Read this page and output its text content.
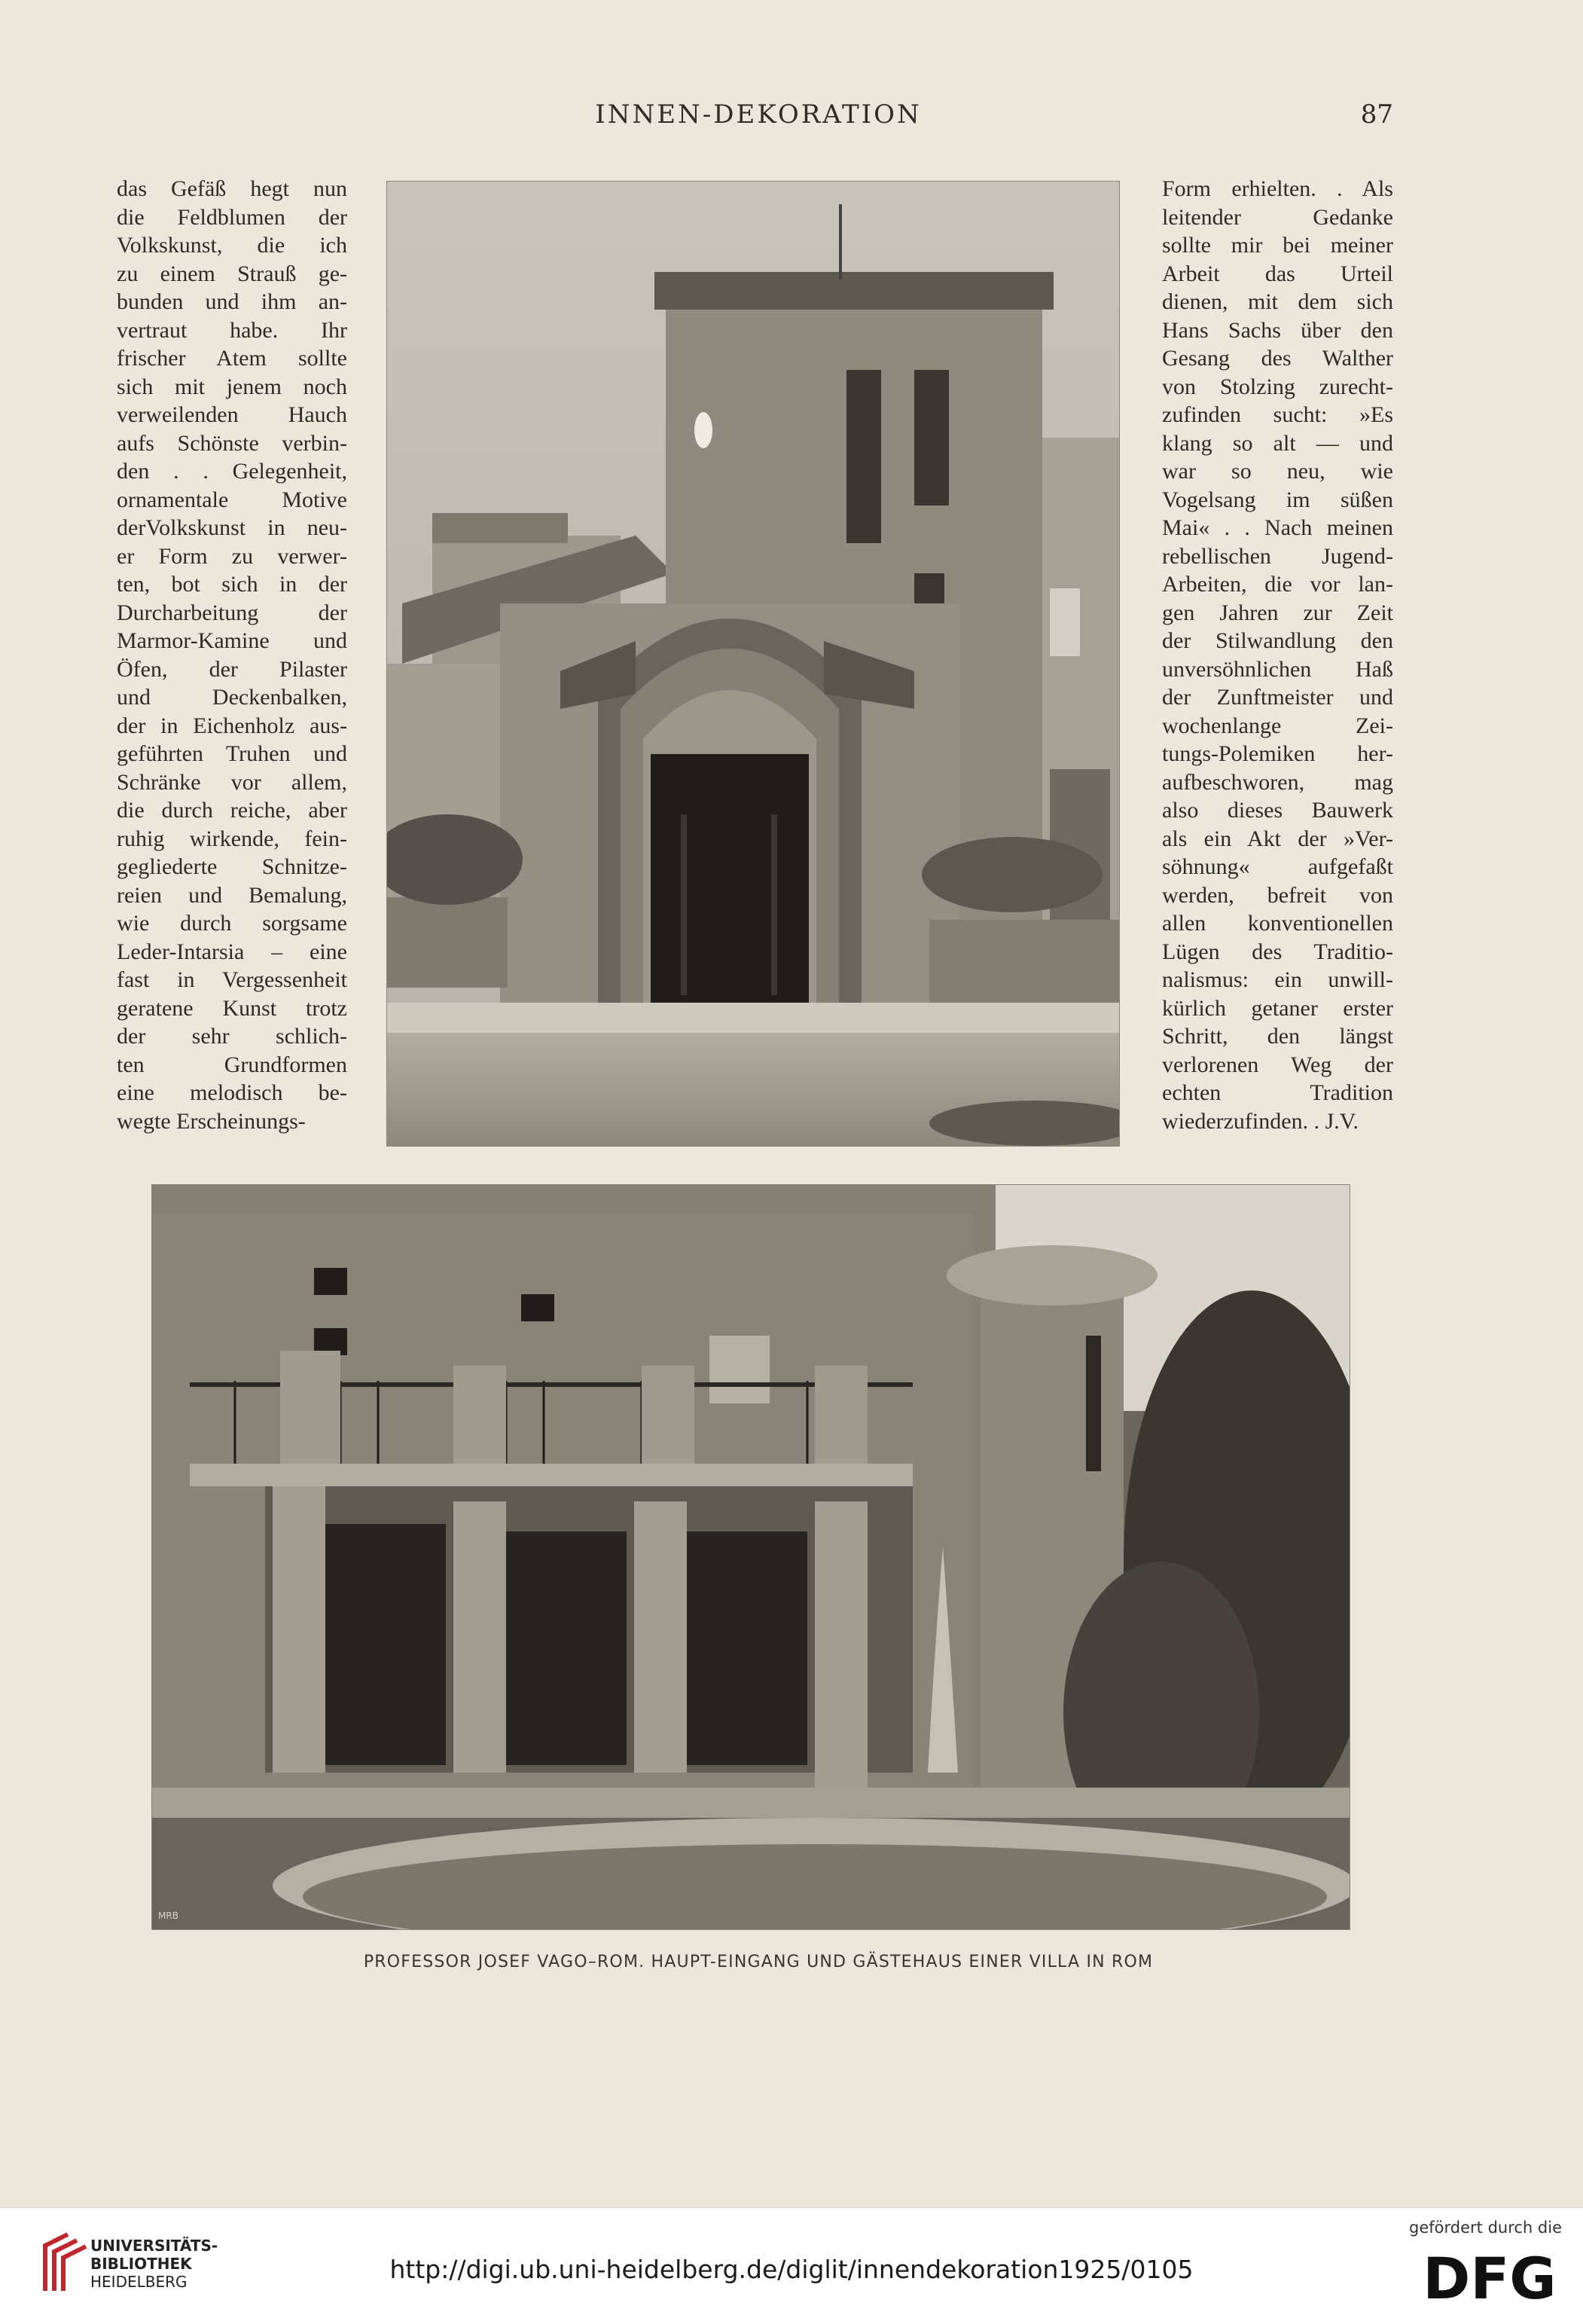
INNEN-DEKORATION	87
das Gefäß hegt nun
die Feldblumen der
Volkskunst, die ich
zu einem Strauß ge-
bunden und ihm an-
vertraut habe. Ihr
frischer Atem sollte
sich mit jenem noch
verweilenden Hauch
aufs Schönste verbin-
den . . Gelegenheit,
ornamentale Motive
derVolkskunst in neu-
er Form zu verwer-
ten, bot sich in der
Durcharbeitung der
Marmor-Kamine und
Öfen, der Pilaster
und Deckenbalken,
der in Eichenholz aus-
geführten Truhen und
Schränke vor allem,
die durch reiche, aber
ruhig wirkende, fein-
gegliederte Schnitze-
reien und Bemalung,
wie durch sorgsame
Leder-Intarsia – eine
fast in Vergessenheit
geratene Kunst trotz
der sehr schlich-
ten Grundformen
eine melodisch be-
wegte Erscheinungs-
Form erhielten. . Als
leitender Gedanke
sollte mir bei meiner
Arbeit das Urteil
dienen, mit dem sich
Hans Sachs über den
Gesang des Walther
von Stolzing zurecht-
zufinden sucht: »Es
klang so alt — und
war so neu, wie
Vogelsang im süßen
Mai« . . Nach meinen
rebellischen Jugend-
Arbeiten, die vor lan-
gen Jahren zur Zeit
der Stilwandlung den
unversöhnlichen Haß
der Zunftmeister und
wochenlange Zei-
tungs-Polemiken her-
aufbeschworen, mag
also dieses Bauwerk
als ein Akt der »Ver-
söhnung« aufgefaßt
werden, befreit von
allen konventionellen
Lügen des Traditio-
nalismus: ein unwill-
kürlich getaner erster
Schritt, den längst
verlorenen Weg der
echten Tradition
wiederzufinden. . J.V.
MRB
PROFESSOR JOSEF VAGO–ROM. HAUPT-EINGANG UND GÄSTEHAUS EINER VILLA IN ROM
UNIVERSITÄTS-
BIBLIOTHEK
HEIDELBERG	http://digi.ub.uni-heidelberg.de/diglit/innendekoration1925/0105
gefördert durch die
DFG
